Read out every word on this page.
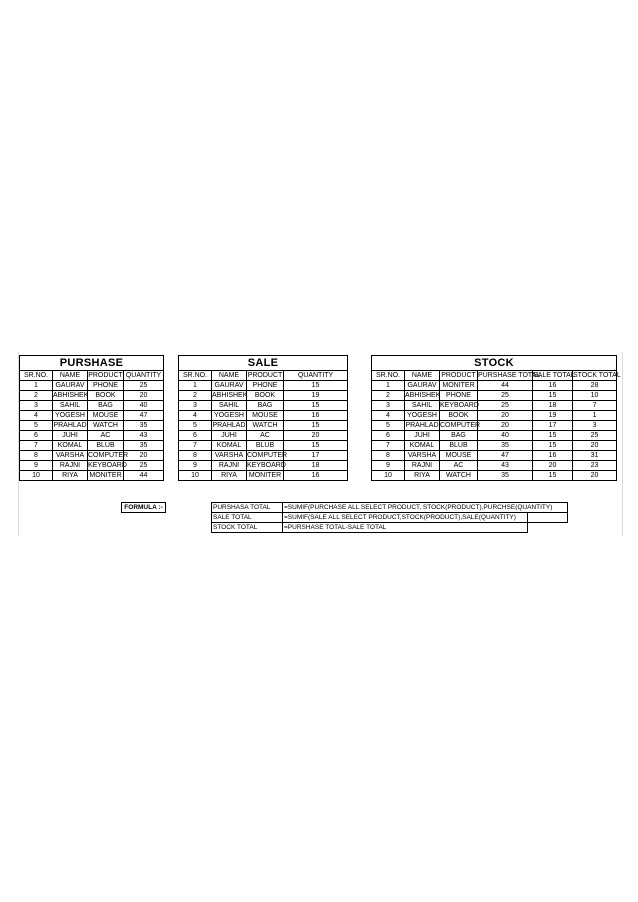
PURSHASE			
SR.NO.	NAME	PRODUCT	QUANTITY
1	GAURAV	PHONE	25
2	ABHISHEK	BOOK	20
3	SAHIL	BAG	40
4	YOGESH	MOUSE	47
5	PRAHLAD	WATCH	35
6	JUHI	AC	43
7	KOMAL	BLUB	35
8	VARSHA	COMPUTER	20
9	RAJNI	KEYBOARD	25
10	RIYA	MONITER	44
SALE			
SR.NO.	NAME	PRODUCT	QUANTITY
1	GAURAV	PHONE	15
2	ABHISHEK	BOOK	19
3	SAHIL	BAG	15
4	YOGESH	MOUSE	16
5	PRAHLAD	WATCH	15
6	JUHI	AC	20
7	KOMAL	BLUB	15
8	VARSHA	COMPUTER	17
9	RAJNI	KEYBOARD	18
10	RIYA	MONITER	16
STOCK					
SR.NO.	NAME	PRODUCT	PURSHASE TOTAL	SALE TOTAL	STOCK TOTAL
1	GAURAV	MONITER	44	16	28
2	ABHISHEK	PHONE	25	15	10
3	SAHIL	KEYBOARD	25	18	7
4	YOGESH	BOOK	20	19	1
5	PRAHLAD	COMPUTER	20	17	3
6	JUHI	BAG	40	15	25
7	KOMAL	BLUB	35	15	20
8	VARSHA	MOUSE	47	16	31
9	RAJNI	AC	43	20	23
10	RIYA	WATCH	35	15	20
FORMULA :-	PURSHASA TOTAL	=SUMIF(PURCHASE ALL SELECT PRODUCT, STOCK(PRODUCT),PURCHSE(QUANTITY)	
SALE TOTAL	=SUMIF(SALE ALL SELECT PRODUCT,STOCK(PRODUCT),SALE(QUANTITY)	
STOCK TOTAL	=PURSHASE TOTAL-SALE TOTAL	
